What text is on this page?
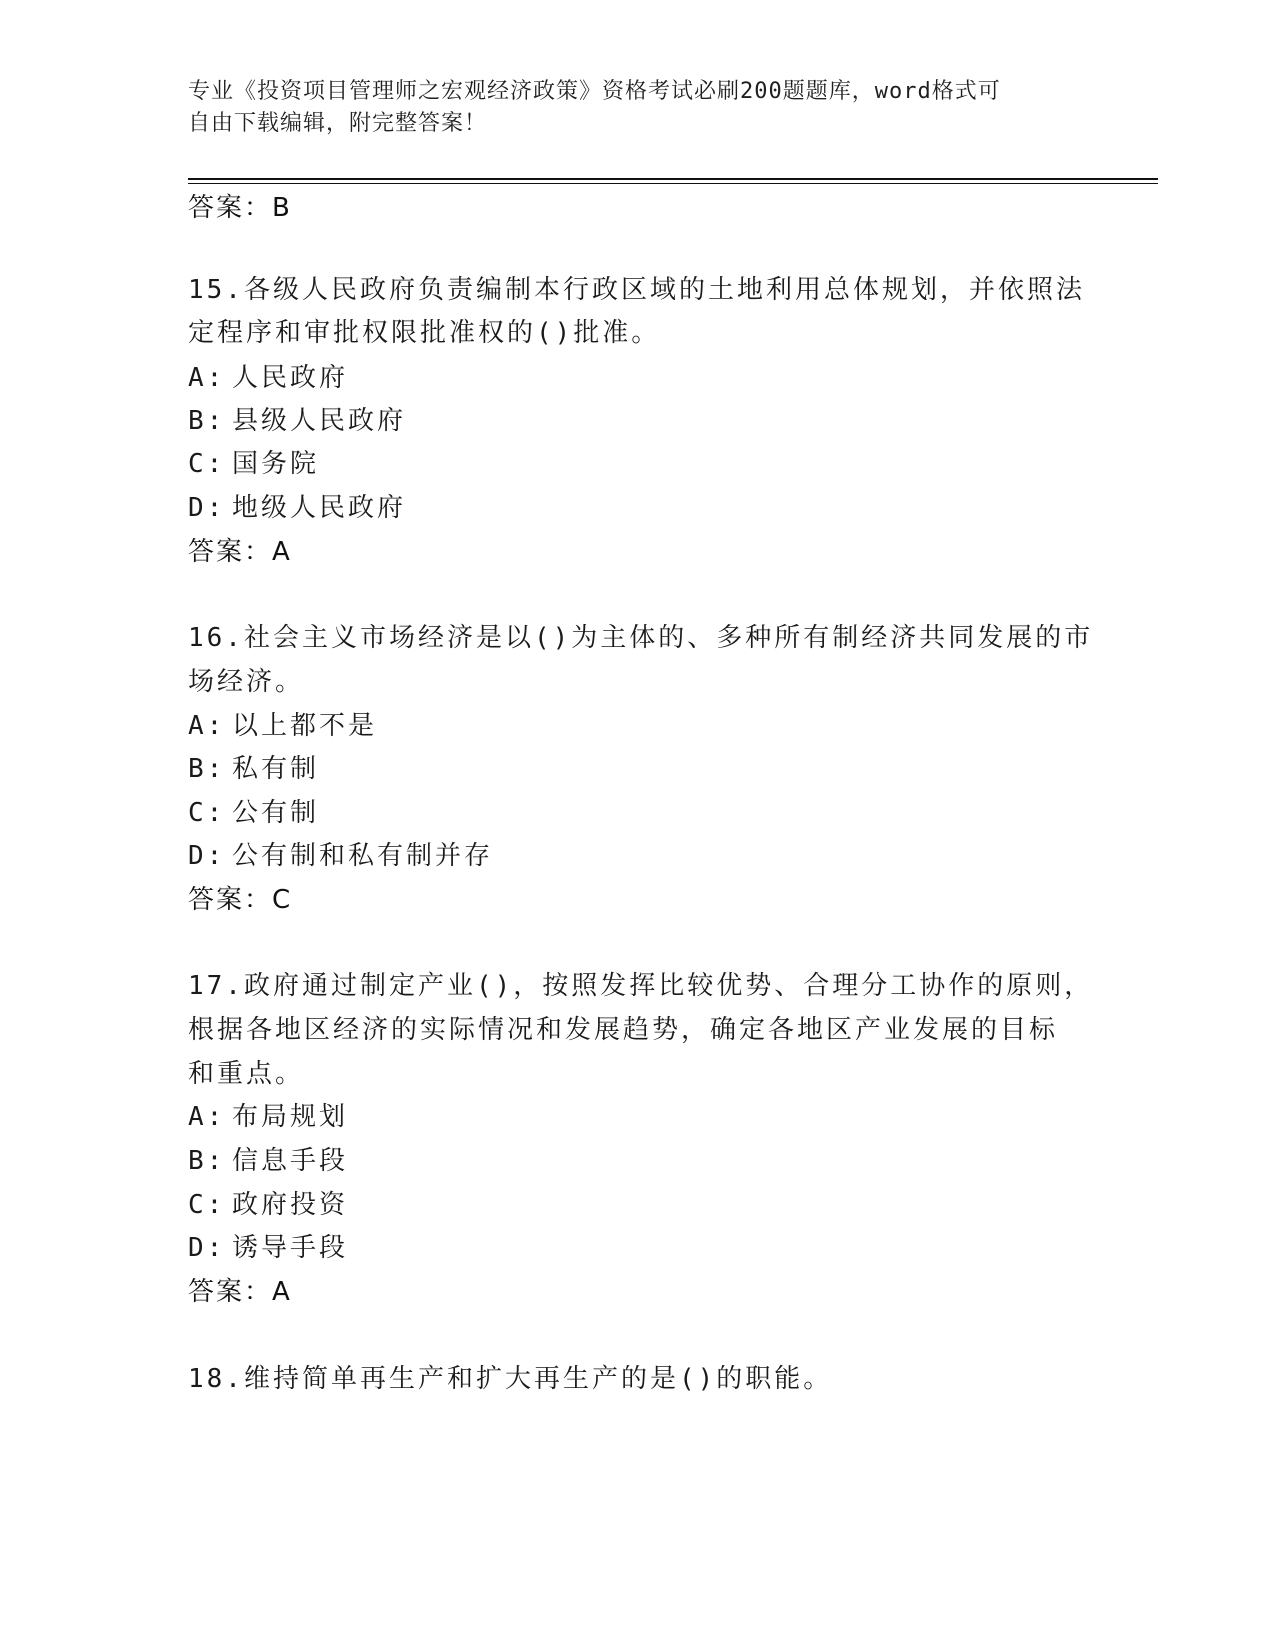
专业《投资项目管理师之宏观经济政策》资格考试必刷200题题库，word格式可
自由下载编辑，附完整答案！
答案：B
15.各级人民政府负责编制本行政区域的土地利用总体规划，并依照法
定程序和审批权限批准权的()批准。
A: 人民政府
B: 县级人民政府
C: 国务院
D: 地级人民政府
答案：A
16.社会主义市场经济是以()为主体的、多种所有制经济共同发展的市
场经济。
A: 以上都不是
B: 私有制
C: 公有制
D: 公有制和私有制并存
答案：C
17.政府通过制定产业()，按照发挥比较优势、合理分工协作的原则，
根据各地区经济的实际情况和发展趋势，确定各地区产业发展的目标
和重点。
A: 布局规划
B: 信息手段
C: 政府投资
D: 诱导手段
答案：A
18.维持简单再生产和扩大再生产的是()的职能。
